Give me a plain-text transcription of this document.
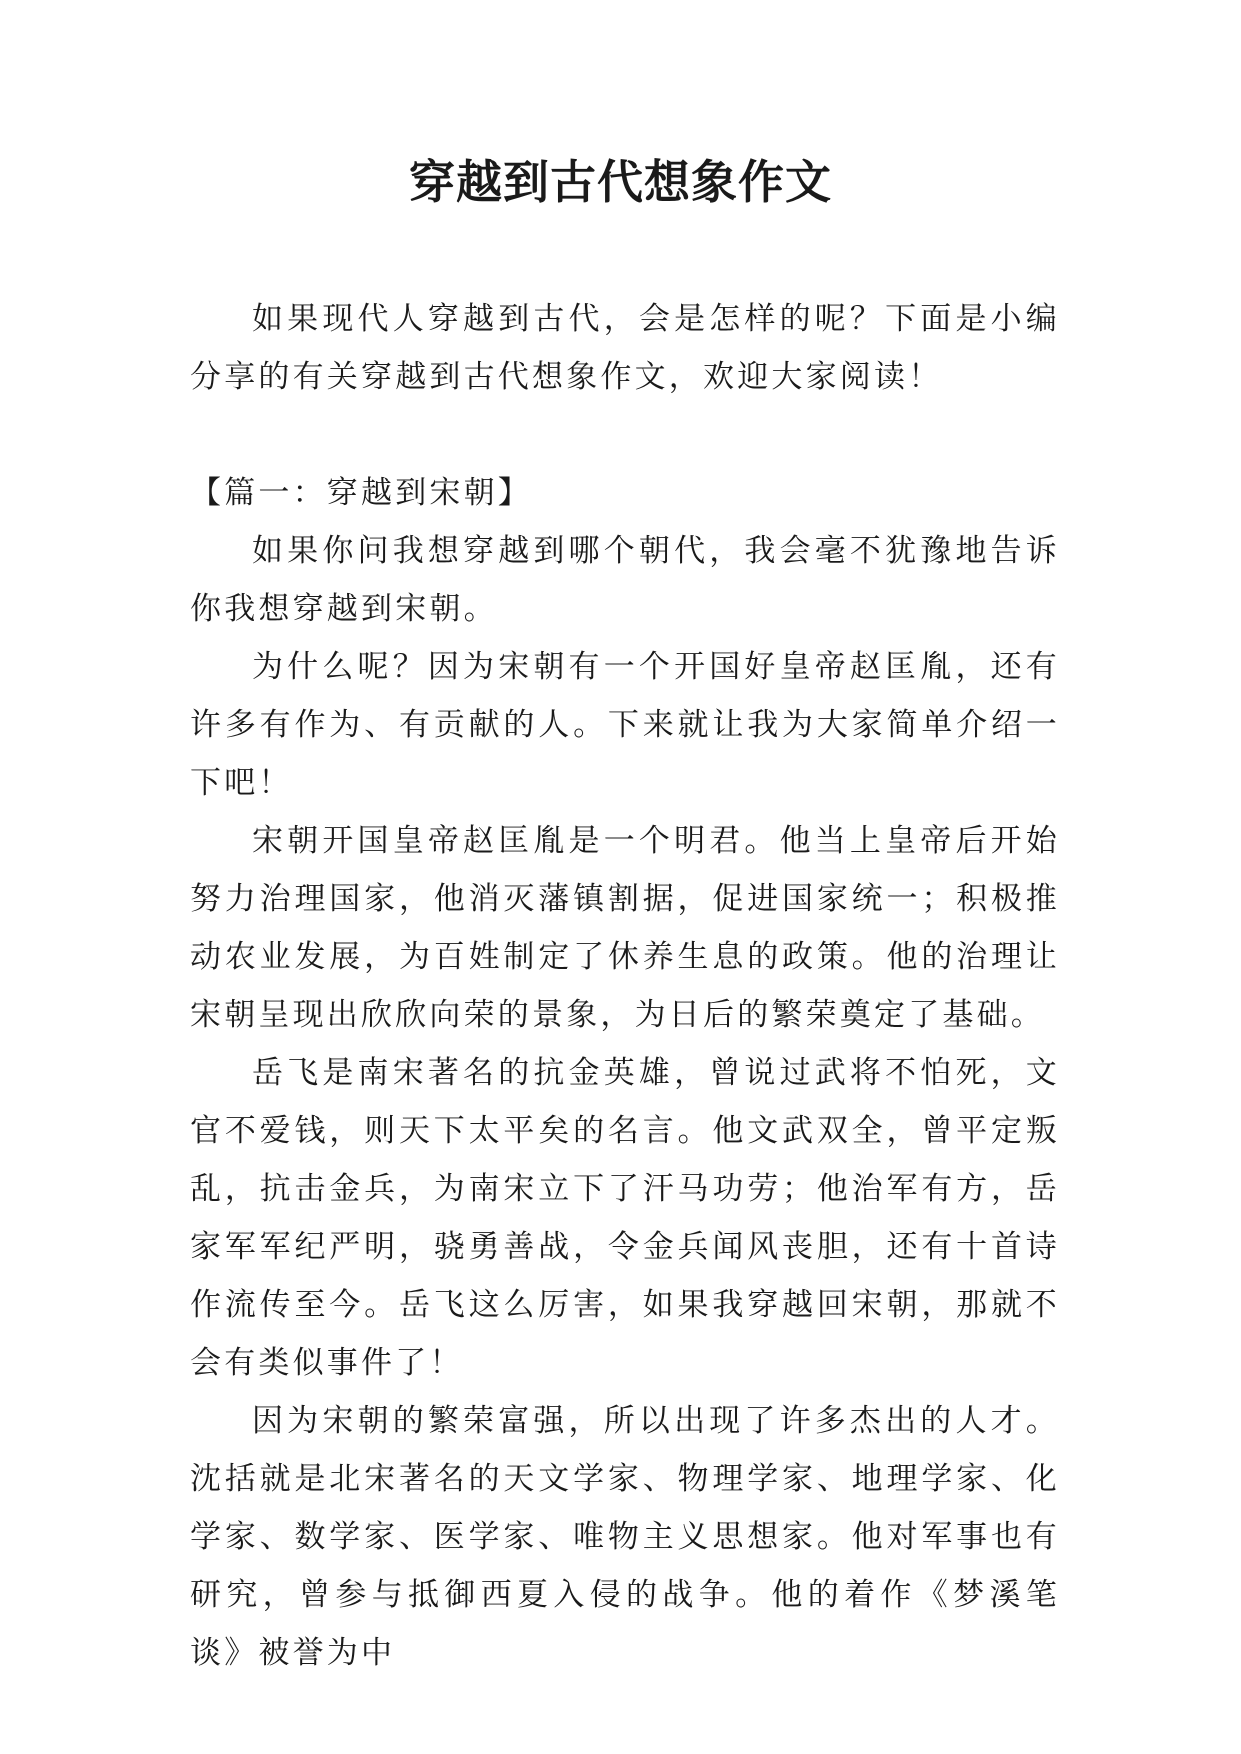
穿越到古代想象作文

如果现代人穿越到古代，会是怎样的呢？下面是小编分享的有关穿越到古代想象作文，欢迎大家阅读！

【篇一：穿越到宋朝】

如果你问我想穿越到哪个朝代，我会毫不犹豫地告诉你我想穿越到宋朝。

为什么呢？因为宋朝有一个开国好皇帝赵匡胤，还有许多有作为、有贡献的人。下来就让我为大家简单介绍一下吧！

宋朝开国皇帝赵匡胤是一个明君。他当上皇帝后开始努力治理国家，他消灭藩镇割据，促进国家统一；积极推动农业发展，为百姓制定了休养生息的政策。他的治理让宋朝呈现出欣欣向荣的景象，为日后的繁荣奠定了基础。

岳飞是南宋著名的抗金英雄，曾说过武将不怕死，文官不爱钱，则天下太平矣的名言。他文武双全，曾平定叛乱，抗击金兵，为南宋立下了汗马功劳；他治军有方，岳家军军纪严明，骁勇善战，令金兵闻风丧胆，还有十首诗作流传至今。岳飞这么厉害，如果我穿越回宋朝，那就不会有类似事件了！

因为宋朝的繁荣富强，所以出现了许多杰出的人才。沈括就是北宋著名的天文学家、物理学家、地理学家、化学家、数学家、医学家、唯物主义思想家。他对军事也有研究，曾参与抵御西夏入侵的战争。他的着作《梦溪笔谈》被誉为中
